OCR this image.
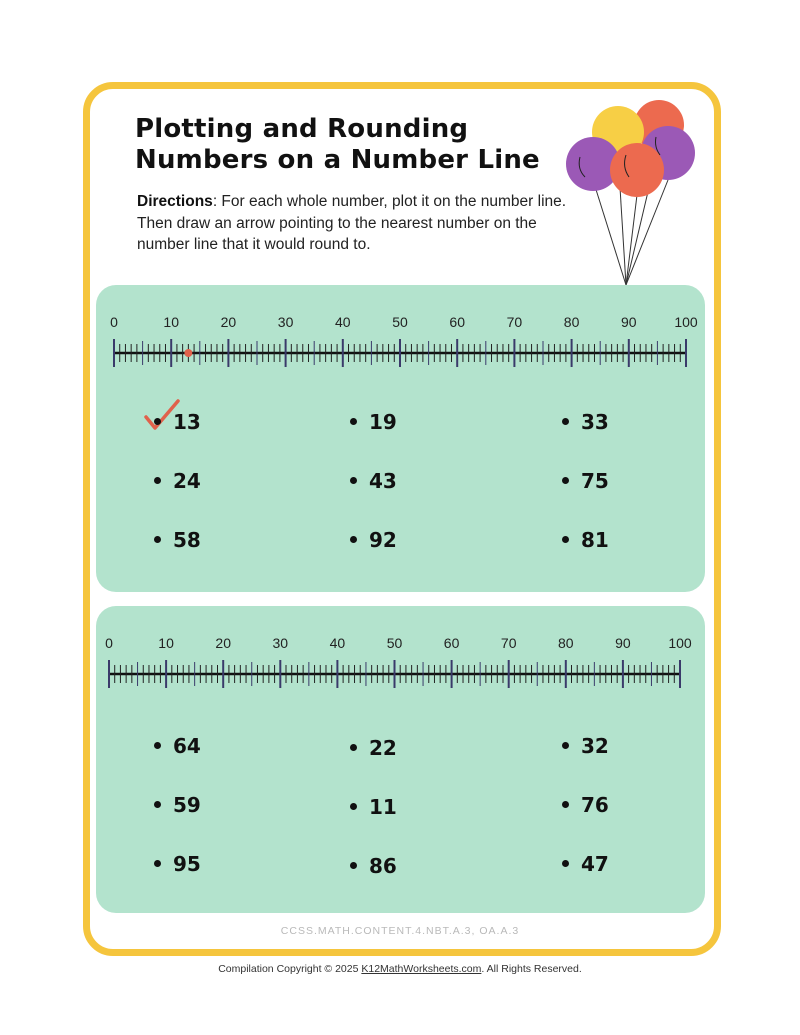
Plotting and Rounding
Numbers on a Number Line
Directions: For each whole number, plot it on the number line. Then draw an arrow pointing to the nearest number on the number line that it would round to.
0	10	20	30	40	50	60	70	80	90	100
13	19	33
24	43	75
58	92	81
0	10	20	30	40	50	60	70	80	90	100
64	22	32
59	11	76
95	86	47
CCSS.MATH.CONTENT.4.NBT.A.3, OA.A.3
Compilation Copyright © 2025 K12MathWorksheets.com. All Rights Reserved.
